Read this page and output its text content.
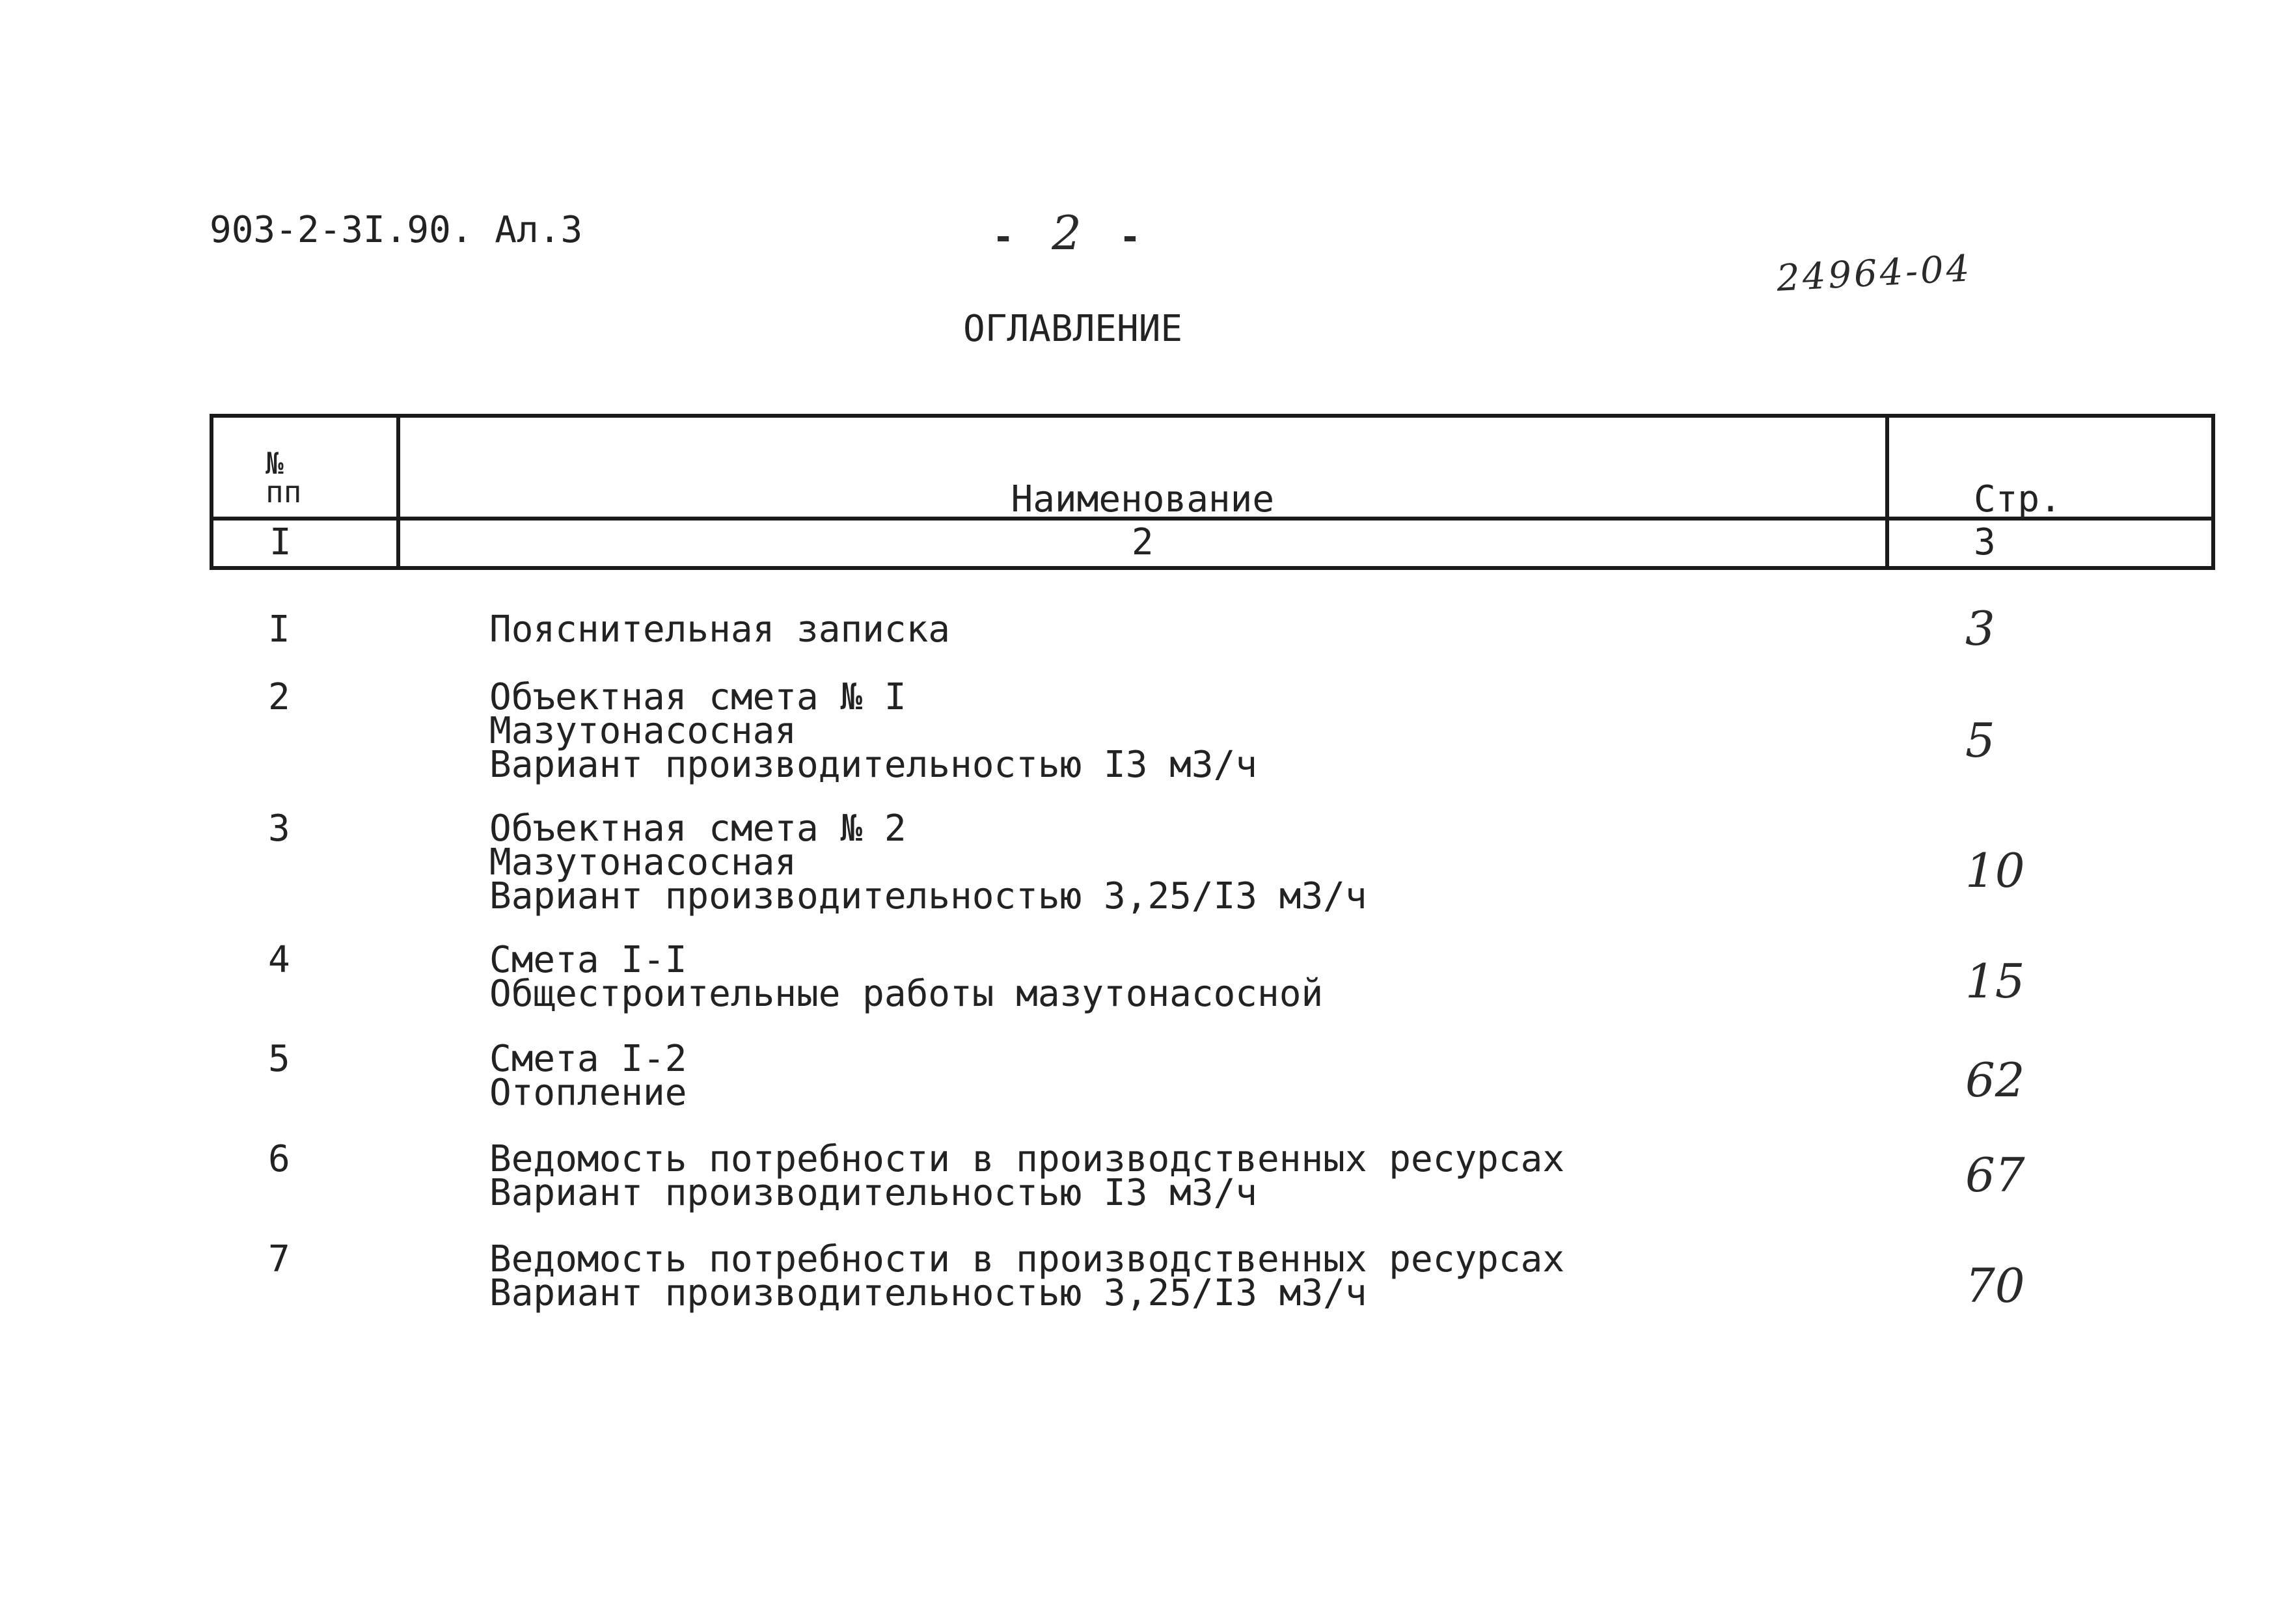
903-2-3I.90. Ал.3	- 2 -
24964-04
ОГЛАВЛЕНИЕ
№
пп	Наименование	Стр.

I	2	3
I	Пояснительная записка	3
2	Объектная смета № I
Мазутонасосная
Вариант производительностью I3 м3/ч	5
3	Объектная смета № 2
Мазутонасосная
Вариант производительностью 3,25/I3 м3/ч	10
4	Смета I-I
Общестроительные работы мазутонасосной	15
5	Смета I-2
Отопление	62
6	Ведомость потребности в производственных ресурсах
Вариант производительностью I3 м3/ч	67
7	Ведомость потребности в производственных ресурсах
Вариант производительностью 3,25/I3 м3/ч	70
